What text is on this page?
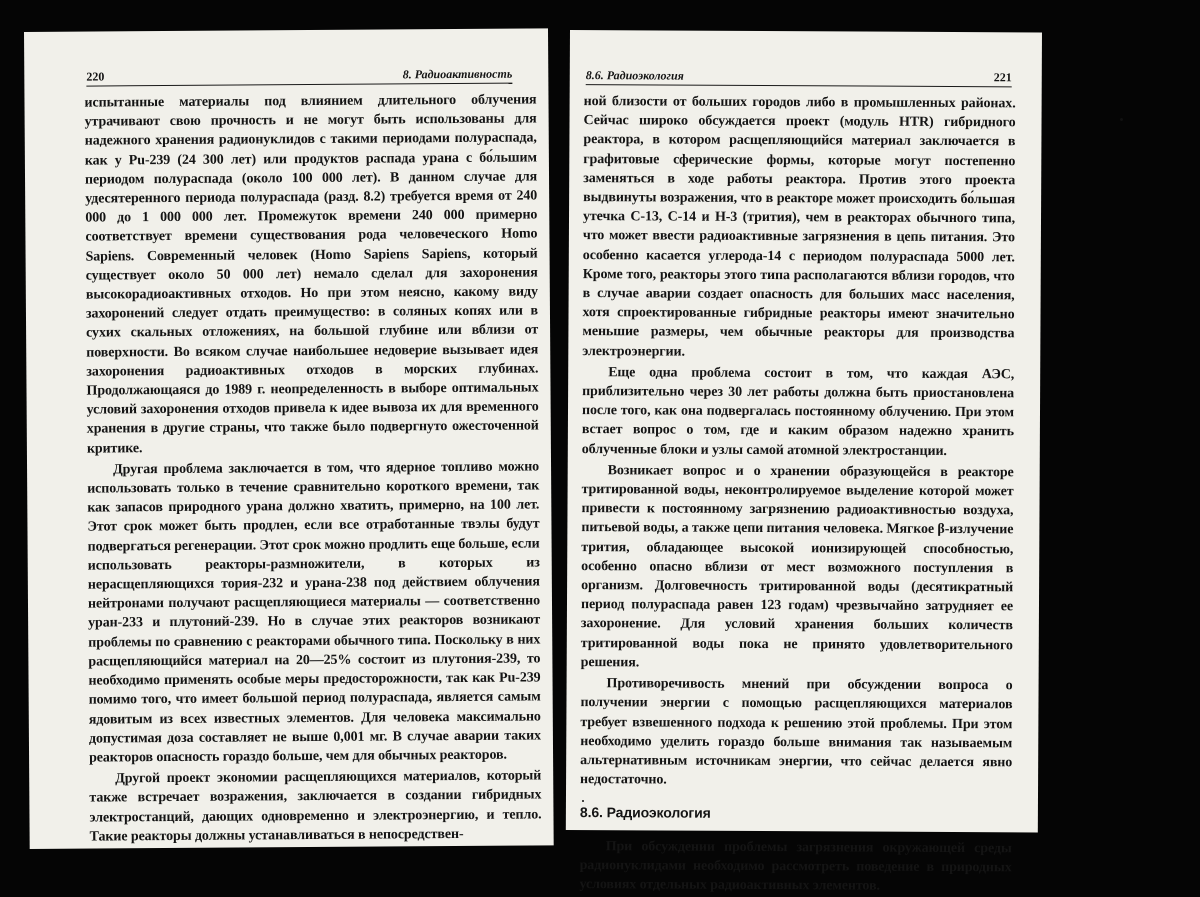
220	8. Радиоактивность

испытанные материалы под влиянием длительного облучения утрачивают свою прочность и не могут быть использованы для надежного хранения радионуклидов с такими периодами полураспада, как у Pu-239 (24 300 лет) или продуктов распада урана с бо́льшим периодом полураспада (около 100 000 лет). В данном случае для удесятеренного периода полураспада (разд. 8.2) требуется время от 240 000 до 1 000 000 лет. Промежуток времени 240 000 примерно соответствует времени существования рода человеческого Homo Sapiens. Современный человек (Homo Sapiens Sapiens, который существует около 50 000 лет) немало сделал для захоронения высокорадиоактивных отходов. Но при этом неясно, какому виду захоронений следует отдать преимущество: в соляных копях или в сухих скальных отложениях, на большой глубине или вблизи от поверхности. Во всяком случае наибольшее недоверие вызывает идея захоронения радиоактивных отходов в морских глубинах. Продолжающаяся до 1989 г. неопределенность в выборе оптимальных условий захоронения отходов привела к идее вывоза их для временного хранения в другие страны, что также было подвергнуто ожесточенной критике.

Другая проблема заключается в том, что ядерное топливо можно использовать только в течение сравнительно короткого времени, так как запасов природного урана должно хватить, примерно, на 100 лет. Этот срок может быть продлен, если все отработанные твэлы будут подвергаться регенерации. Этот срок можно продлить еще больше, если использовать реакторы-размножители, в которых из нерасщепляющихся тория-232 и урана-238 под действием облучения нейтронами получают расщепляющиеся материалы — соответственно уран-233 и плутоний-239. Но в случае этих реакторов возникают проблемы по сравнению с реакторами обычного типа. Поскольку в них расщепляющийся материал на 20—25% состоит из плутония-239, то необходимо применять особые меры предосторожности, так как Pu-239 помимо того, что имеет большой период полураспада, является самым ядовитым из всех известных элементов. Для человека максимально допустимая доза составляет не выше 0,001 мг. В случае аварии таких реакторов опасность гораздо больше, чем для обычных реакторов.

Другой проект экономии расщепляющихся материалов, который также встречает возражения, заключается в создании гибридных электростанций, дающих одновременно и электроэнергию, и тепло. Такие реакторы должны устанавливаться в непосредствен-

8.6. Радиоэкология	221

ной близости от больших городов либо в промышленных районах. Сейчас широко обсуждается проект (модуль HTR) гибридного реактора, в котором расщепляющийся материал заключается в графитовые сферические формы, которые могут постепенно заменяться в ходе работы реактора. Против этого проекта выдвинуты возражения, что в реакторе может происходить бо́льшая утечка С-13, С-14 и Н-3 (трития), чем в реакторах обычного типа, что может ввести радиоактивные загрязнения в цепь питания. Это особенно касается углерода-14 с периодом полураспада 5000 лет. Кроме того, реакторы этого типа располагаются вблизи городов, что в случае аварии создает опасность для больших масс населения, хотя спроектированные гибридные реакторы имеют значительно меньшие размеры, чем обычные реакторы для производства электроэнергии.

Еще одна проблема состоит в том, что каждая АЭС, приблизительно через 30 лет работы должна быть приостановлена после того, как она подвергалась постоянному облучению. При этом встает вопрос о том, где и каким образом надежно хранить облученные блоки и узлы самой атомной электростанции.

Возникает вопрос и о хранении образующейся в реакторе тритированной воды, неконтролируемое выделение которой может привести к постоянному загрязнению радиоактивностью воздуха, питьевой воды, а также цепи питания человека. Мягкое β-излучение трития, обладающее высокой ионизирующей способностью, особенно опасно вблизи от мест возможного поступления в организм. Долговечность тритированной воды (десятикратный период полураспада равен 123 годам) чрезвычайно затрудняет ее захоронение. Для условий хранения больших количеств тритированной воды пока не принято удовлетворительного решения.

Противоречивость мнений при обсуждении вопроса о получении энергии с помощью расщепляющихся материалов требует взвешенного подхода к решению этой проблемы. При этом необходимо уделить гораздо больше внимания так называемым альтернативным источникам энергии, что сейчас делается явно недостаточно.

8.6. Радиоэкология

При обсуждении проблемы загрязнения окружающей среды радионуклидами необходимо рассмотреть поведение в природных условиях отдельных радиоактивных элементов.
